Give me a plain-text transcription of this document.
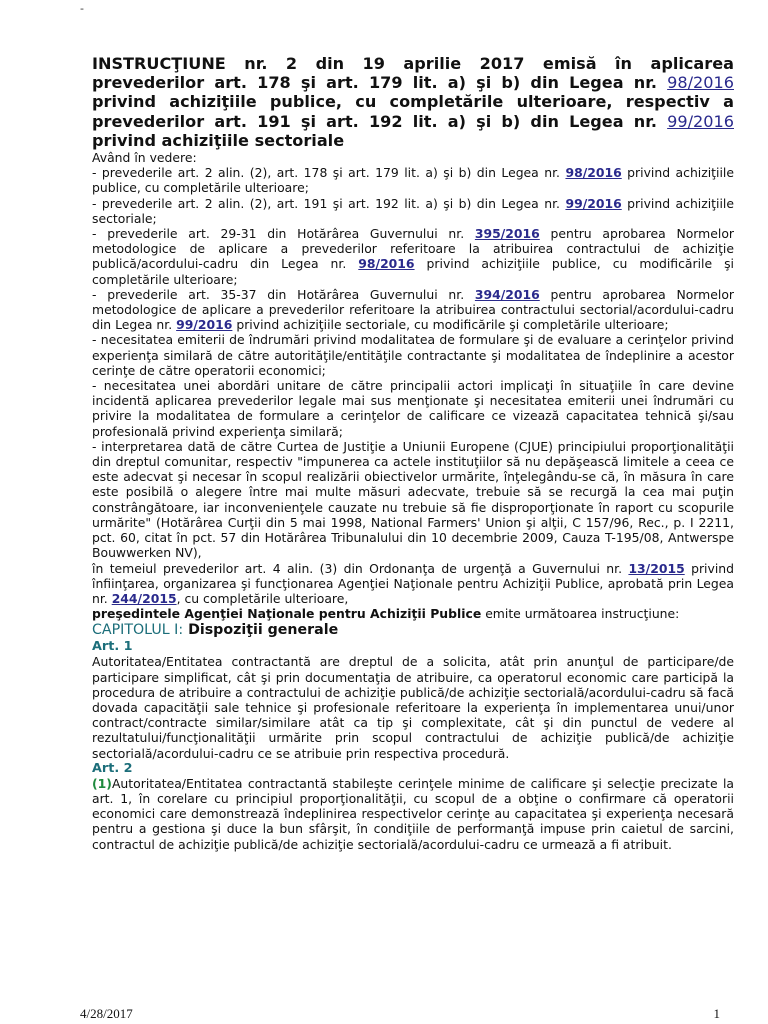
-

INSTRUCŢIUNE nr. 2 din 19 aprilie 2017 emisă în aplicarea prevederilor art. 178 şi art. 179 lit. a) şi b) din Legea nr. 98/2016 privind achiziţiile publice, cu completările ulterioare, respectiv a prevederilor art. 191 şi art. 192 lit. a) şi b) din Legea nr. 99/2016 privind achiziţiile sectoriale

Având în vedere:

- prevederile art. 2 alin. (2), art. 178 şi art. 179 lit. a) şi b) din Legea nr. 98/2016 privind achiziţiile publice, cu completările ulterioare;

- prevederile art. 2 alin. (2), art. 191 şi art. 192 lit. a) şi b) din Legea nr. 99/2016 privind achiziţiile sectoriale;

- prevederile art. 29-31 din Hotărârea Guvernului nr. 395/2016 pentru aprobarea Normelor metodologice de aplicare a prevederilor referitoare la atribuirea contractului de achiziţie publică/acordului-cadru din Legea nr. 98/2016 privind achiziţiile publice, cu modificările şi completările ulterioare;

- prevederile art. 35-37 din Hotărârea Guvernului nr. 394/2016 pentru aprobarea Normelor metodologice de aplicare a prevederilor referitoare la atribuirea contractului sectorial/acordului-cadru din Legea nr. 99/2016 privind achiziţiile sectoriale, cu modificările şi completările ulterioare;

- necesitatea emiterii de îndrumări privind modalitatea de formulare şi de evaluare a cerinţelor privind experienţa similară de către autorităţile/entităţile contractante şi modalitatea de îndeplinire a acestor cerinţe de către operatorii economici;

- necesitatea unei abordări unitare de către principalii actori implicaţi în situaţiile în care devine incidentă aplicarea prevederilor legale mai sus menţionate şi necesitatea emiterii unei îndrumări cu privire la modalitatea de formulare a cerinţelor de calificare ce vizează capacitatea tehnică şi/sau profesională privind experienţa similară;

- interpretarea dată de către Curtea de Justiţie a Uniunii Europene (CJUE) principiului proporţionalităţii din dreptul comunitar, respectiv "impunerea ca actele instituţiilor să nu depăşească limitele a ceea ce este adecvat şi necesar în scopul realizării obiectivelor urmărite, înţelegându-se că, în măsura în care este posibilă o alegere între mai multe măsuri adecvate, trebuie să se recurgă la cea mai puţin constrângătoare, iar inconvenienţele cauzate nu trebuie să fie disproporţionate în raport cu scopurile urmărite" (Hotărârea Curţii din 5 mai 1998, National Farmers' Union şi alţii, C 157/96, Rec., p. I 2211, pct. 60, citat în pct. 57 din Hotărârea Tribunalului din 10 decembrie 2009, Cauza T-195/08, Antwerspe Bouwwerken NV),

în temeiul prevederilor art. 4 alin. (3) din Ordonanţa de urgenţă a Guvernului nr. 13/2015 privind înfiinţarea, organizarea şi funcţionarea Agenţiei Naţionale pentru Achiziţii Publice, aprobată prin Legea nr. 244/2015, cu completările ulterioare,

preşedintele Agenţiei Naţionale pentru Achiziţii Publice emite următoarea instrucţiune:

CAPITOLUL I: Dispoziţii generale

Art. 1

Autoritatea/Entitatea contractantă are dreptul de a solicita, atât prin anunţul de participare/de participare simplificat, cât şi prin documentaţia de atribuire, ca operatorul economic care participă la procedura de atribuire a contractului de achiziţie publică/de achiziţie sectorială/acordului-cadru să facă dovada capacităţii sale tehnice şi profesionale referitoare la experienţa în implementarea unui/unor contract/contracte similar/similare atât ca tip şi complexitate, cât şi din punctul de vedere al rezultatului/funcţionalităţii urmărite prin scopul contractului de achiziţie publică/de achiziţie sectorială/acordului-cadru ce se atribuie prin respectiva procedură.

Art. 2

(1)Autoritatea/Entitatea contractantă stabileşte cerinţele minime de calificare şi selecţie precizate la art. 1, în corelare cu principiul proporţionalităţii, cu scopul de a obţine o confirmare că operatorii economici care demonstrează îndeplinirea respectivelor cerinţe au capacitatea şi experienţa necesară pentru a gestiona şi duce la bun sfârşit, în condiţiile de performanţă impuse prin caietul de sarcini, contractul de achiziţie publică/de achiziţie sectorială/acordului-cadru ce urmează a fi atribuit.

4/28/2017	1
